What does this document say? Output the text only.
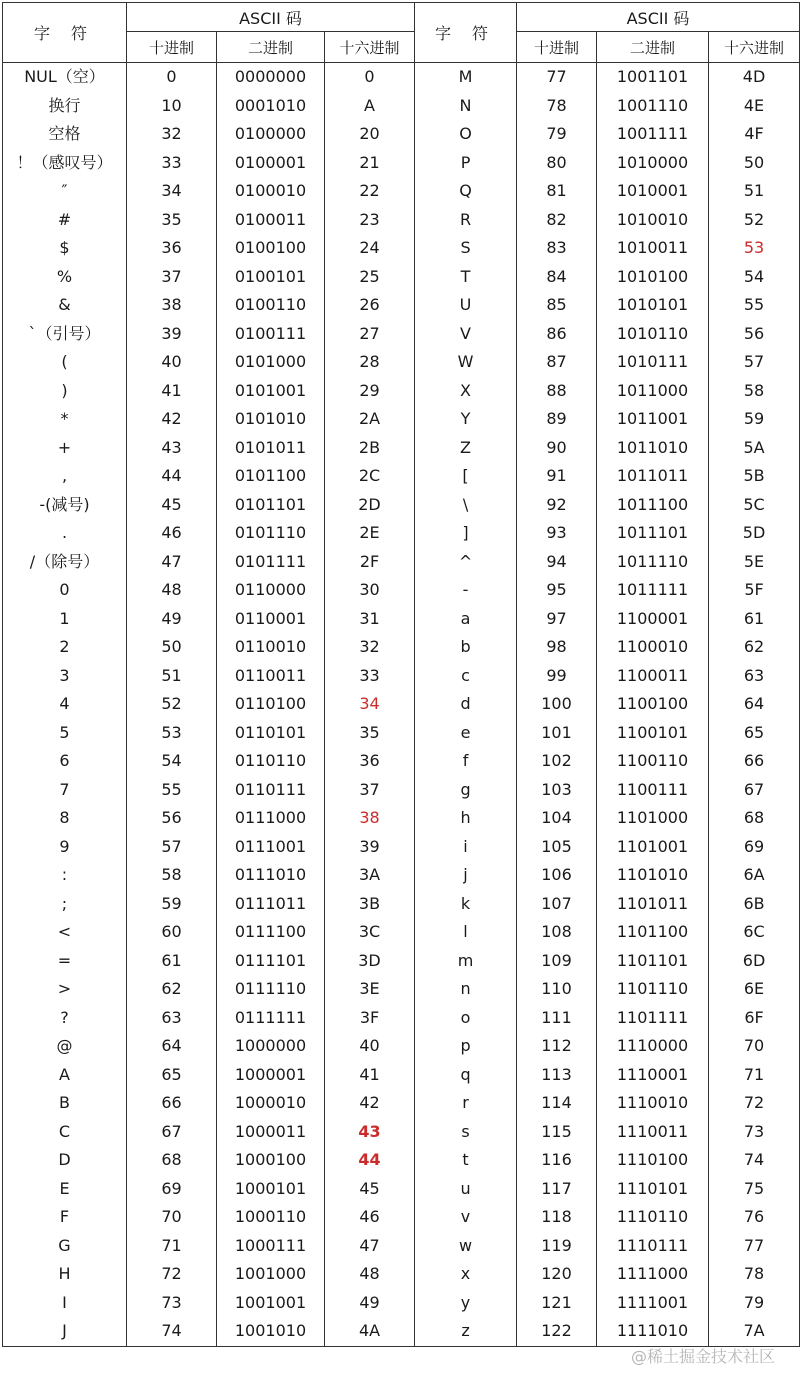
字 符	ASCII 码			字 符	ASCII 码		
	十进制	二进制	十六进制		十进制	二进制	十六进制
NUL（空）	0	0000000	0	M	77	1001101	4D
换行	10	0001010	A	N	78	1001110	4E
空格	32	0100000	20	O	79	1001111	4F
！（感叹号）	33	0100001	21	P	80	1010000	50
″	34	0100010	22	Q	81	1010001	51
#	35	0100011	23	R	82	1010010	52
$	36	0100100	24	S	83	1010011	53
%	37	0100101	25	T	84	1010100	54
&	38	0100110	26	U	85	1010101	55
`（引号）	39	0100111	27	V	86	1010110	56
(	40	0101000	28	W	87	1010111	57
)	41	0101001	29	X	88	1011000	58
*	42	0101010	2A	Y	89	1011001	59
+	43	0101011	2B	Z	90	1011010	5A
,	44	0101100	2C	[	91	1011011	5B
-(减号)	45	0101101	2D	\	92	1011100	5C
.	46	0101110	2E	]	93	1011101	5D
/（除号）	47	0101111	2F	^	94	1011110	5E
0	48	0110000	30	-	95	1011111	5F
1	49	0110001	31	a	97	1100001	61
2	50	0110010	32	b	98	1100010	62
3	51	0110011	33	c	99	1100011	63
4	52	0110100	34	d	100	1100100	64
5	53	0110101	35	e	101	1100101	65
6	54	0110110	36	f	102	1100110	66
7	55	0110111	37	g	103	1100111	67
8	56	0111000	38	h	104	1101000	68
9	57	0111001	39	i	105	1101001	69
:	58	0111010	3A	j	106	1101010	6A
;	59	0111011	3B	k	107	1101011	6B
<	60	0111100	3C	l	108	1101100	6C
=	61	0111101	3D	m	109	1101101	6D
>	62	0111110	3E	n	110	1101110	6E
?	63	0111111	3F	o	111	1101111	6F
@	64	1000000	40	p	112	1110000	70
A	65	1000001	41	q	113	1110001	71
B	66	1000010	42	r	114	1110010	72
C	67	1000011	43	s	115	1110011	73
D	68	1000100	44	t	116	1110100	74
E	69	1000101	45	u	117	1110101	75
F	70	1000110	46	v	118	1110110	76
G	71	1000111	47	w	119	1110111	77
H	72	1001000	48	x	120	1111000	78
I	73	1001001	49	y	121	1111001	79
J	74	1001010	4A	z	122	1111010	7A
@稀土掘金技术社区
